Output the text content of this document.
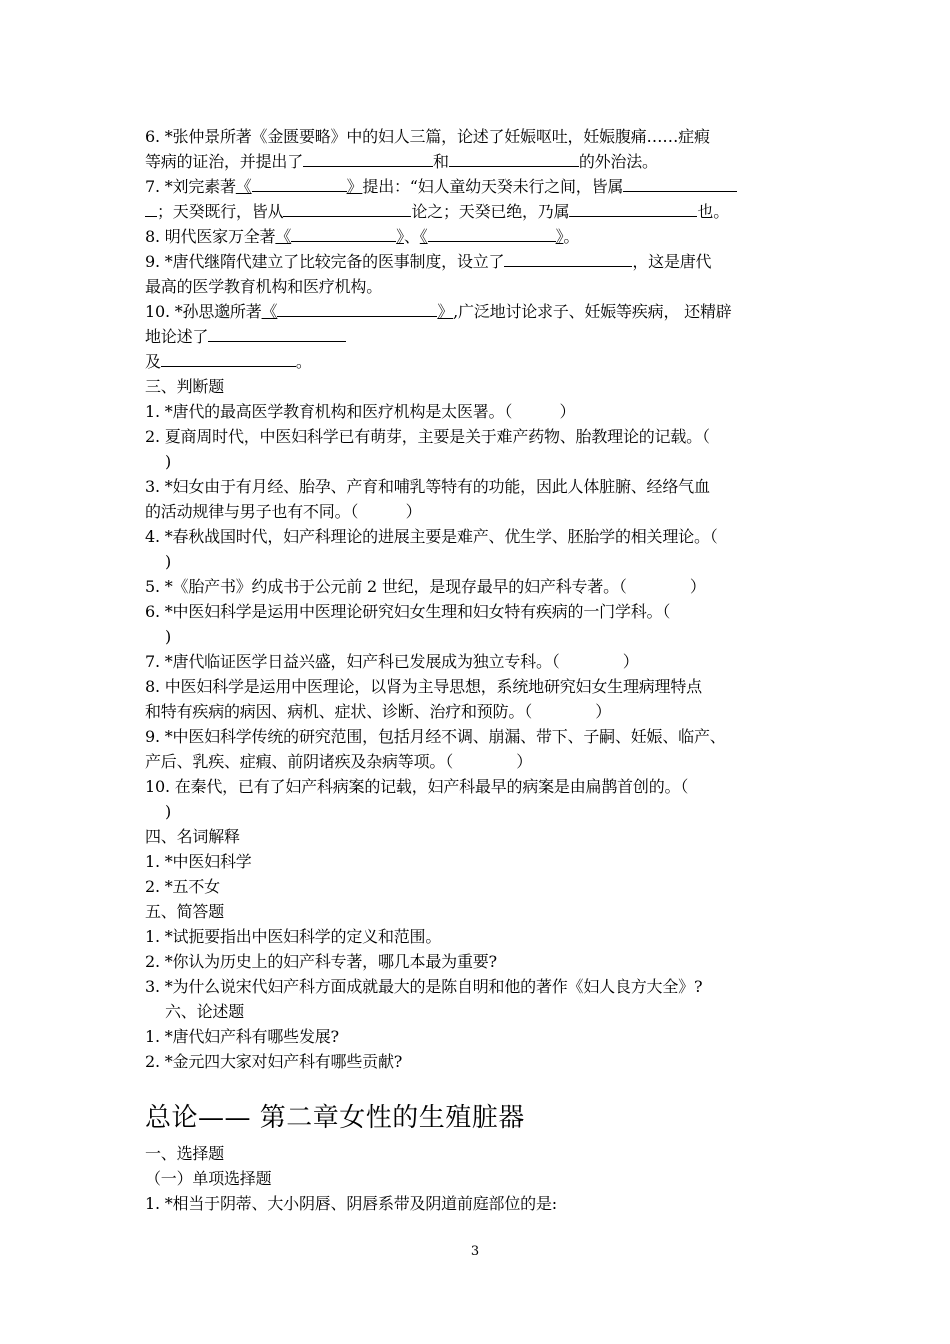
6. *张仲景所著《金匮要略》中的妇人三篇，论述了妊娠呕吐，妊娠腹痛……症瘕
等病的证治，并提出了	和	的外治法。
7. *刘完素著《	》提出：“妇人童幼天癸未行之间，皆属
；天癸既行，皆从	论之；天癸已绝，乃属	也。
8. 明代医家万全著《	》、《	》。
9. *唐代继隋代建立了比较完备的医事制度，设立了	，这是唐代
最高的医学教育机构和医疗机构。
10. *孙思邈所著《	》,广泛地讨论求子、妊娠等疾病， 还精辟
地论述了
及	。
三、判断题
1. *唐代的最高医学教育机构和医疗机构是太医署。（　　　）
2. 夏商周时代，中医妇科学已有萌芽，主要是关于难产药物、胎教理论的记载。（
)
3. *妇女由于有月经、胎孕、产育和哺乳等特有的功能，因此人体脏腑、经络气血
的活动规律与男子也有不同。（　　　）
4. *春秋战国时代，妇产科理论的进展主要是难产、优生学、胚胎学的相关理论。（
)
5. *《胎产书》约成书于公元前 2 世纪，是现存最早的妇产科专著。（　　　　）
6. *中医妇科学是运用中医理论研究妇女生理和妇女特有疾病的一门学科。（
)
7. *唐代临证医学日益兴盛，妇产科已发展成为独立专科。（　　　　）
8. 中医妇科学是运用中医理论，以肾为主导思想，系统地研究妇女生理病理特点
和特有疾病的病因、病机、症状、诊断、治疗和预防。（　　　　）
9. *中医妇科学传统的研究范围，包括月经不调、崩漏、带下、子嗣、妊娠、临产、
产后、乳疾、症瘕、前阴诸疾及杂病等项。（　　　　）
10. 在秦代，已有了妇产科病案的记载，妇产科最早的病案是由扁鹊首创的。（
)
四、名词解释
1. *中医妇科学
2. *五不女
五、简答题
1. *试扼要指出中医妇科学的定义和范围。
2. *你认为历史上的妇产科专著，哪几本最为重要?
3. *为什么说宋代妇产科方面成就最大的是陈自明和他的著作《妇人良方大全》?
六、论述题
1. *唐代妇产科有哪些发展?
2. *金元四大家对妇产科有哪些贡献?
总论—— 第二章女性的生殖脏器
一、选择题
（一）单项选择题
1. *相当于阴蒂、大小阴唇、阴唇系带及阴道前庭部位的是:
3
